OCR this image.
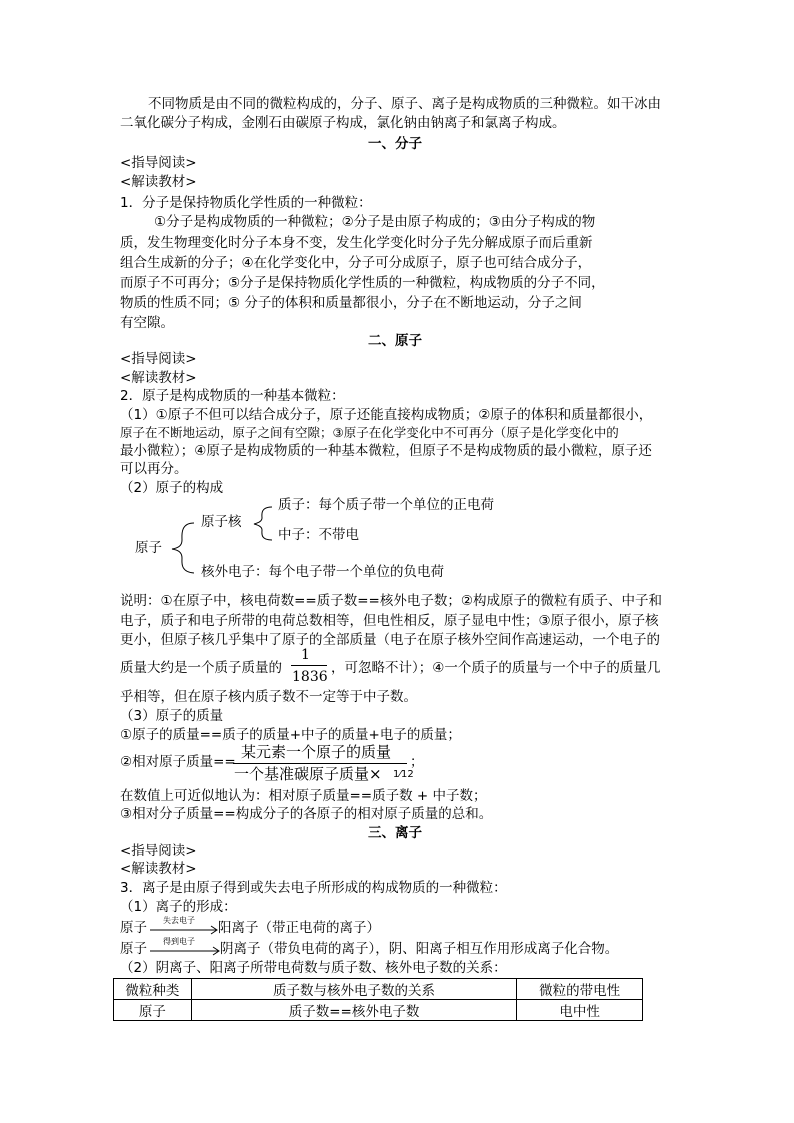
不同物质是由不同的微粒构成的，分子、原子、离子是构成物质的三种微粒。如干冰由
二氧化碳分子构成，金刚石由碳原子构成，氯化钠由钠离子和氯离子构成。
一、分子
<指导阅读>
<解读教材>
1．分子是保持物质化学性质的一种微粒：
①分子是构成物质的一种微粒；②分子是由原子构成的；③由分子构成的物
质，发生物理变化时分子本身不变，发生化学变化时分子先分解成原子而后重新
组合生成新的分子；④在化学变化中，分子可分成原子，原子也可结合成分子，
而原子不可再分；⑤分子是保持物质化学性质的一种微粒，构成物质的分子不同，
物质的性质不同；⑤ 分子的体积和质量都很小，分子在不断地运动，分子之间
有空隙。
二、原子
<指导阅读>
<解读教材>
2．原子是构成物质的一种基本微粒：
（1）①原子不但可以结合成分子，原子还能直接构成物质；②原子的体积和质量都很小，
原子在不断地运动，原子之间有空隙；③原子在化学变化中不可再分（原子是化学变化中的
最小微粒）；④原子是构成物质的一种基本微粒，但原子不是构成物质的最小微粒，原子还
可以再分。
（2）原子的构成
原子
原子核
质子：每个质子带一个单位的正电荷
中子：不带电
核外电子：每个电子带一个单位的负电荷
说明：①在原子中，核电荷数==质子数==核外电子数；②构成原子的微粒有质子、中子和
电子，质子和电子所带的电荷总数相等，但电性相反，原子显电中性；③原子很小，原子核
更小，但原子核几乎集中了原子的全部质量（电子在原子核外空间作高速运动，一个电子的
质量大约是一个质子质量的
1
1836
，可忽略不计）；④一个质子的质量与一个中子的质量几
乎相等，但在原子核内质子数不一定等于中子数。
（3）原子的质量
①原子的质量==质子的质量+中子的质量+电子的质量；
②相对原子质量==
某元素一个原子的质量
一个基准碳原子质量× 1⁄12
；
在数值上可近似地认为：相对原子质量==质子数 + 中子数；
③相对分子质量==构成分子的各原子的相对原子质量的总和。
三、离子
<指导阅读>
<解读教材>
3．离子是由原子得到或失去电子所形成的构成物质的一种微粒：
（1）离子的形成：
原子 失去电子 阳离子（带正电荷的离子）
原子 得到电子 阴离子（带负电荷的离子），阴、阳离子相互作用形成离子化合物。
（2）阴离子、阳离子所带电荷数与质子数、核外电子数的关系：
微粒种类	质子数与核外电子数的关系	微粒的带电性
原子	质子数==核外电子数	电中性
